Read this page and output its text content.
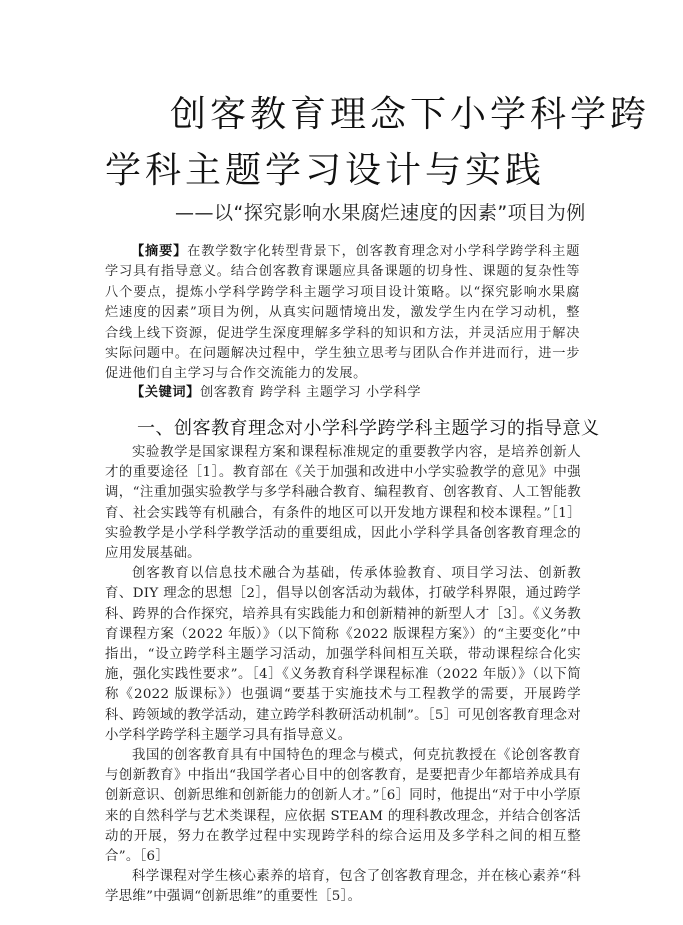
创客教育理念下小学科学跨
学科主题学习设计与实践
——以“探究影响水果腐烂速度的因素”项目为例

【摘要】在教学数字化转型背景下，创客教育理念对小学科学跨学科主题学习具有指导意义。结合创客教育课题应具备课题的切身性、课题的复杂性等八个要点，提炼小学科学跨学科主题学习项目设计策略。以“探究影响水果腐烂速度的因素”项目为例，从真实问题情境出发，激发学生内在学习动机，整合线上线下资源，促进学生深度理解多学科的知识和方法，并灵活应用于解决实际问题中。在问题解决过程中，学生独立思考与团队合作并进而行，进一步促进他们自主学习与合作交流能力的发展。

【关键词】创客教育 跨学科 主题学习 小学科学

一、创客教育理念对小学科学跨学科主题学习的指导意义

实验教学是国家课程方案和课程标准规定的重要教学内容，是培养创新人才的重要途径［1］。教育部在《关于加强和改进中小学实验教学的意见》中强调，“注重加强实验教学与多学科融合教育、编程教育、创客教育、人工智能教育、社会实践等有机融合，有条件的地区可以开发地方课程和校本课程。”［1］实验教学是小学科学教学活动的重要组成，因此小学科学具备创客教育理念的应用发展基础。

创客教育以信息技术融合为基础，传承体验教育、项目学习法、创新教育、DIY 理念的思想［2］，倡导以创客活动为载体，打破学科界限，通过跨学科、跨界的合作探究，培养具有实践能力和创新精神的新型人才［3］。《义务教育课程方案（2022 年版）》（以下简称《2022 版课程方案》）的“主要变化”中指出，“设立跨学科主题学习活动，加强学科间相互关联，带动课程综合化实施，强化实践性要求”。［4］《义务教育科学课程标准（2022 年版）》（以下简称《2022 版课标》）也强调“要基于实施技术与工程教学的需要，开展跨学科、跨领域的教学活动，建立跨学科教研活动机制”。［5］可见创客教育理念对小学科学跨学科主题学习具有指导意义。

我国的创客教育具有中国特色的理念与模式，何克抗教授在《论创客教育与创新教育》中指出“我国学者心目中的创客教育，是要把青少年都培养成具有创新意识、创新思维和创新能力的创新人才。”［6］同时，他提出“对于中小学原来的自然科学与艺术类课程，应依据 STEAM 的理科教改理念，并结合创客活动的开展，努力在教学过程中实现跨学科的综合运用及多学科之间的相互整合”。［6］

科学课程对学生核心素养的培育，包含了创客教育理念，并在核心素养“科学思维”中强调“创新思维”的重要性［5］。
